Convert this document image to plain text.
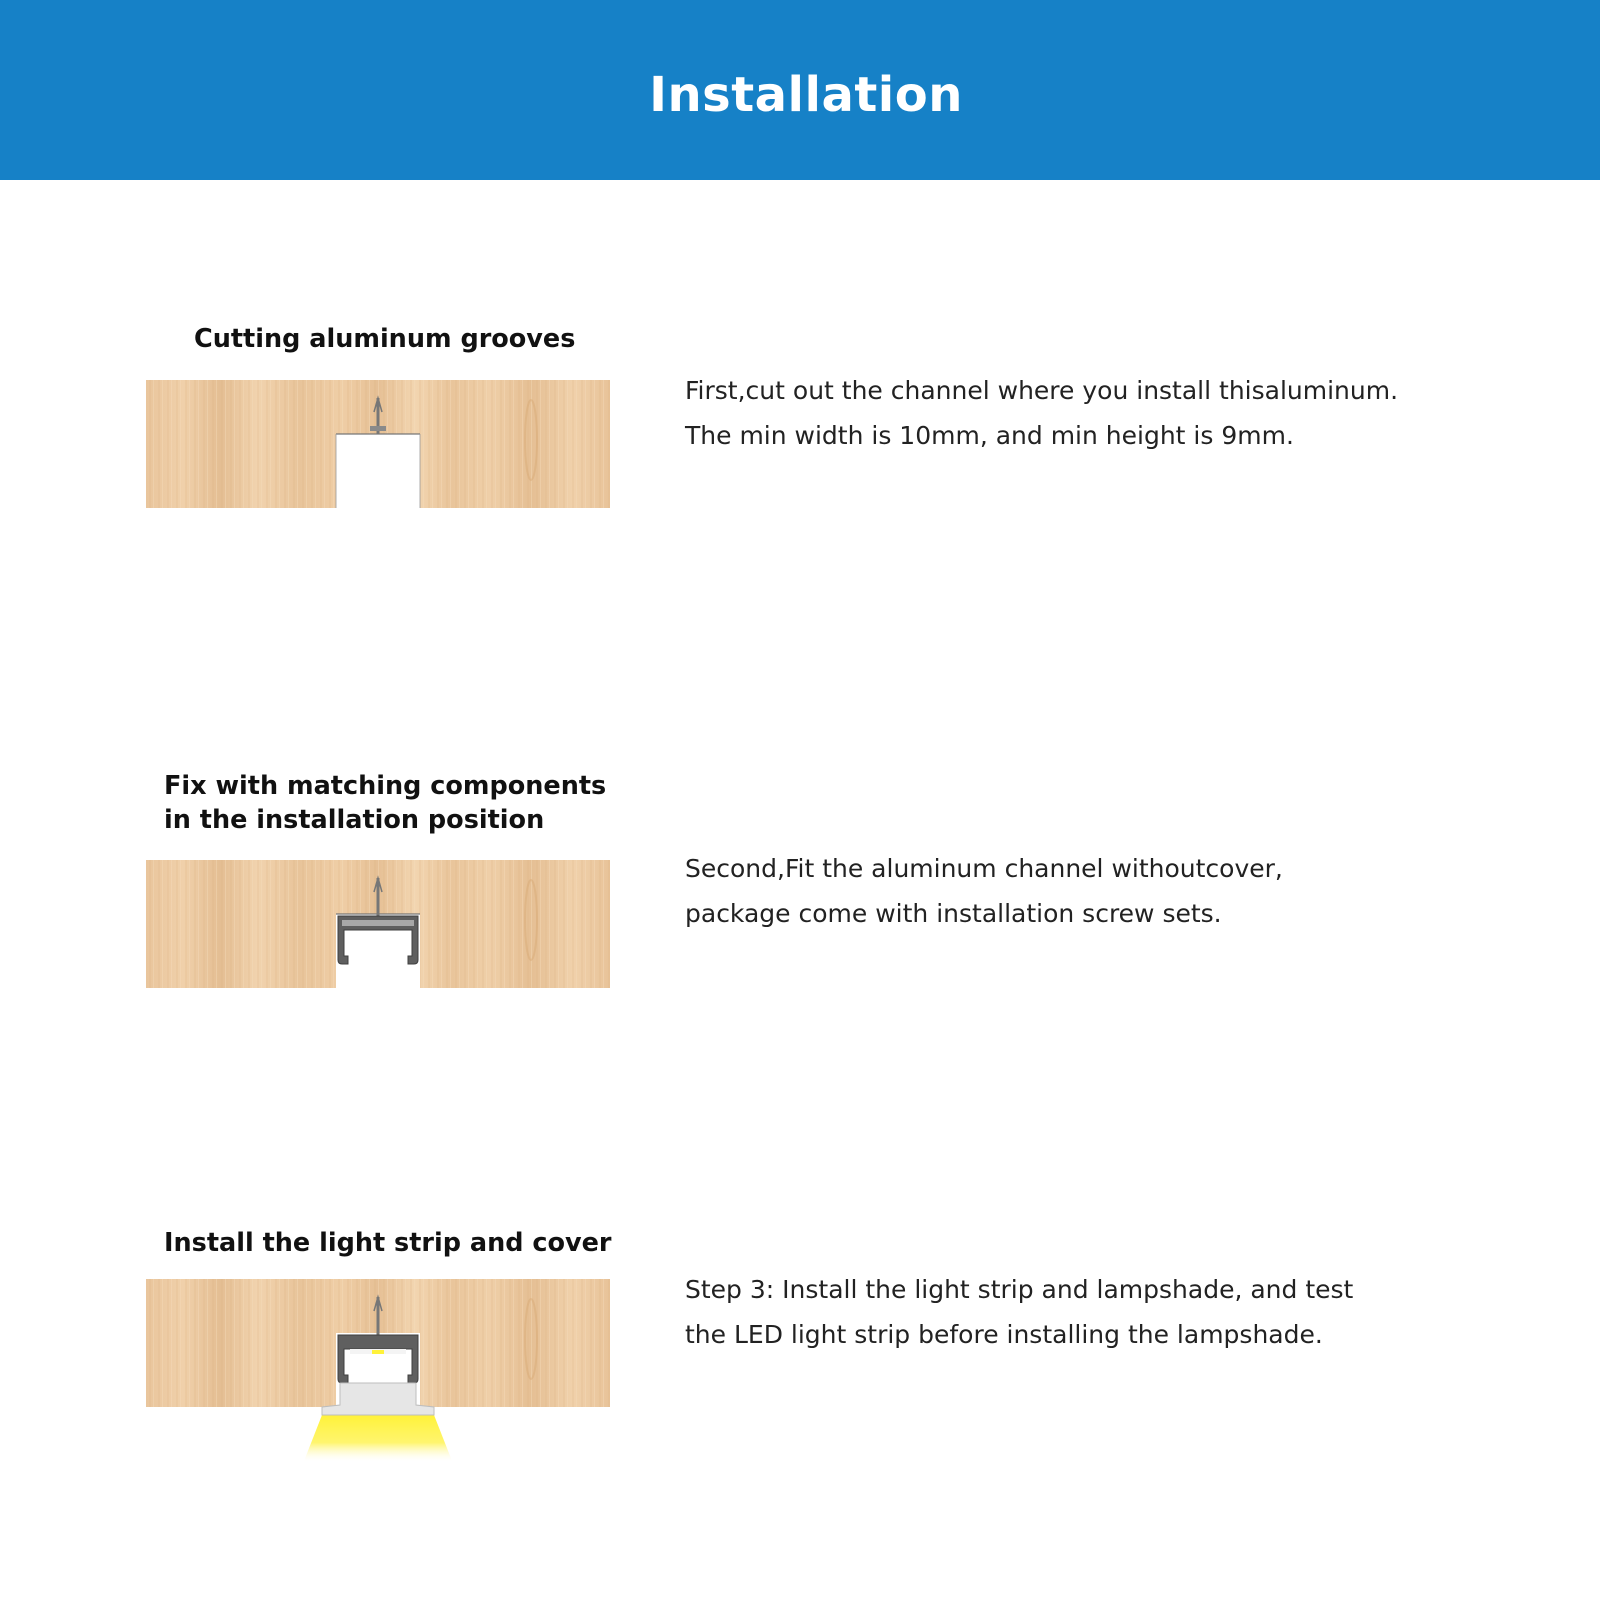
Installation
Cutting aluminum grooves
First,cut out the channel where you install thisaluminum.
The min width is 10mm, and min height is 9mm.
Fix with matching components
in the installation position
Second,Fit the aluminum channel withoutcover,
package come with installation screw sets.
Install the light strip and cover
Step 3: Install the light strip and lampshade, and test
the LED light strip before installing the lampshade.
